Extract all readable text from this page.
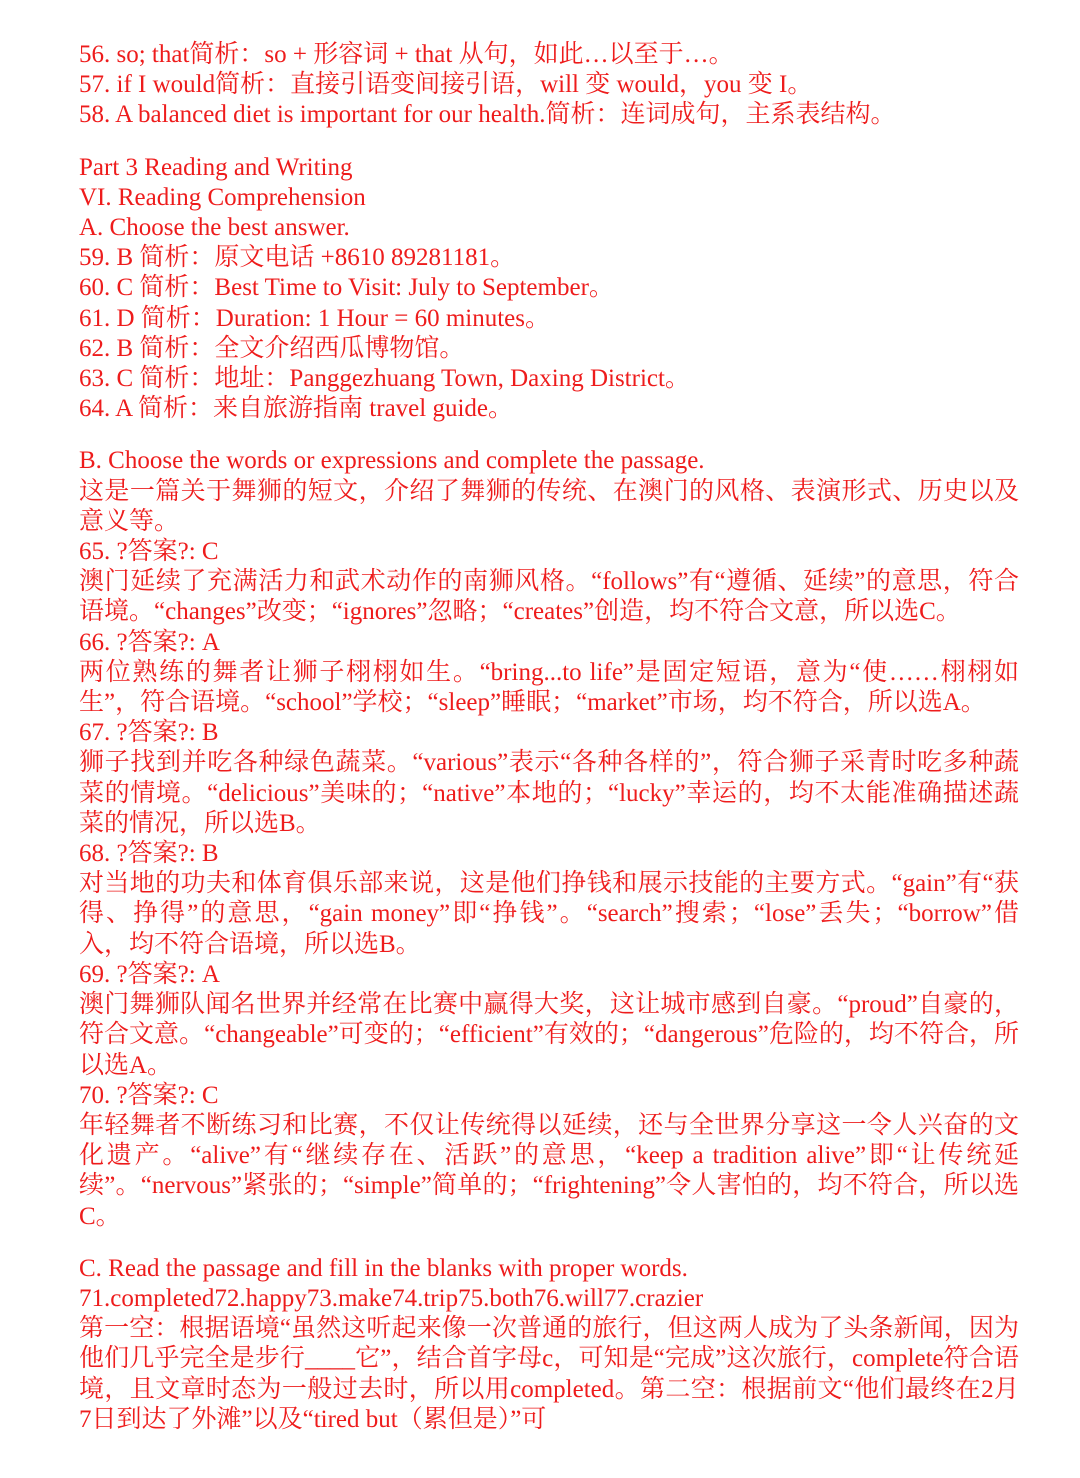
56. so; that简析：so + 形容词 + that 从句，如此…以至于…。
57. if I would简析：直接引语变间接引语，will 变 would，you 变 I。
58. A balanced diet is important for our health.简析：连词成句，主系表结构。
Part 3 Reading and Writing
VI. Reading Comprehension
A. Choose the best answer.
59. B 简析：原文电话 +8610 89281181。
60. C 简析：Best Time to Visit: July to September。
61. D 简析：Duration: 1 Hour = 60 minutes。
62. B 简析：全文介绍西瓜博物馆。
63. C 简析：地址：Panggezhuang Town, Daxing District。
64. A 简析：来自旅游指南 travel guide。
B. Choose the words or expressions and complete the passage.
这是一篇关于舞狮的短文，介绍了舞狮的传统、在澳门的风格、表演形式、历史以及意义等。
65. ?答案?: C
澳门延续了充满活力和武术动作的南狮风格。“follows”有“遵循、延续”的意思，符合语境。“changes”改变；“ignores”忽略；“creates”创造，均不符合文意，所以选C。
66. ?答案?: A
两位熟练的舞者让狮子栩栩如生。“bring...to life”是固定短语，意为“使……栩栩如生”，符合语境。“school”学校；“sleep”睡眠；“market”市场，均不符合，所以选A。
67. ?答案?: B
狮子找到并吃各种绿色蔬菜。“various”表示“各种各样的”，符合狮子采青时吃多种蔬菜的情境。“delicious”美味的；“native”本地的；“lucky”幸运的，均不太能准确描述蔬菜的情况，所以选B。
68. ?答案?: B
对当地的功夫和体育俱乐部来说，这是他们挣钱和展示技能的主要方式。“gain”有“获得、挣得”的意思，“gain money”即“挣钱”。“search”搜索；“lose”丢失；“borrow”借入，均不符合语境，所以选B。
69. ?答案?: A
澳门舞狮队闻名世界并经常在比赛中赢得大奖，这让城市感到自豪。“proud”自豪的，符合文意。“changeable”可变的；“efficient”有效的；“dangerous”危险的，均不符合，所以选A。
70. ?答案?: C
年轻舞者不断练习和比赛，不仅让传统得以延续，还与全世界分享这一令人兴奋的文化遗产。“alive”有“继续存在、活跃”的意思，“keep a tradition alive”即“让传统延续”。“nervous”紧张的；“simple”简单的；“frightening”令人害怕的，均不符合，所以选C。
C. Read the passage and fill in the blanks with proper words.
71.completed72.happy73.make74.trip75.both76.will77.crazier
第一空：根据语境“虽然这听起来像一次普通的旅行，但这两人成为了头条新闻，因为他们几乎完全是步行____它”，结合首字母c，可知是“完成”这次旅行，complete符合语境，且文章时态为一般过去时，所以用completed。第二空：根据前文“他们最终在2月7日到达了外滩”以及“tired but（累但是）”可
